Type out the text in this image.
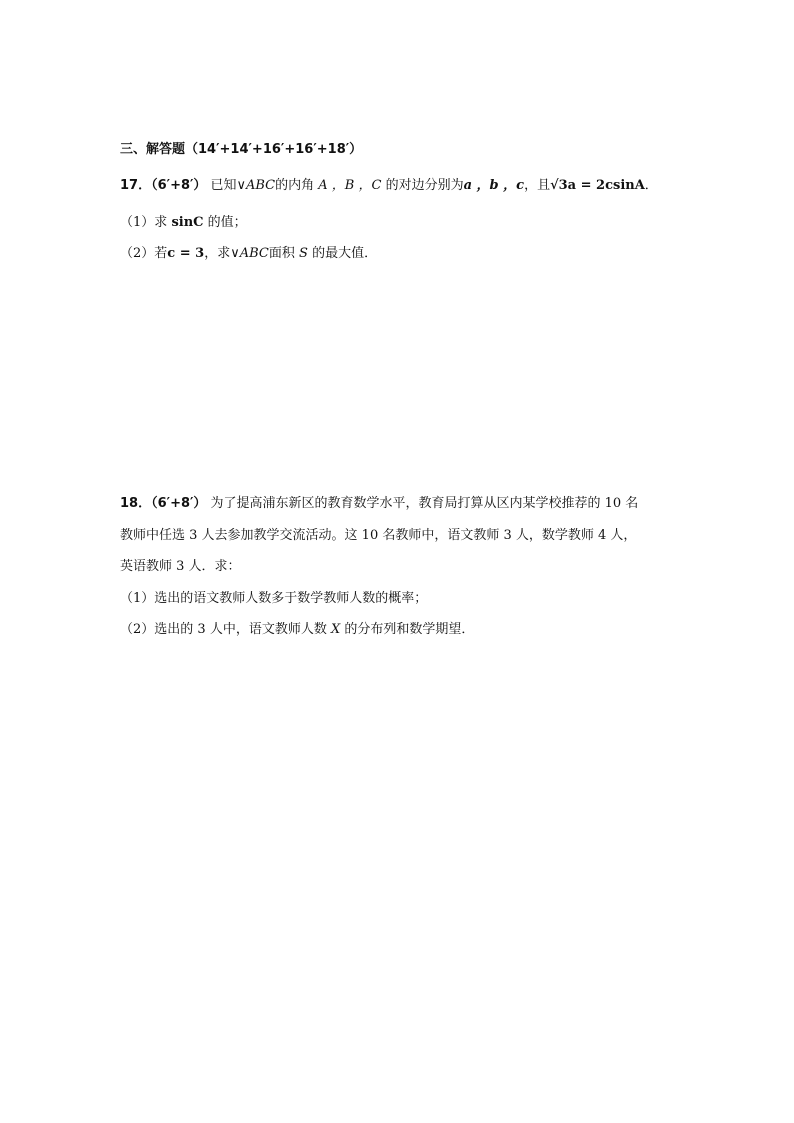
三、解答题（14′+14′+16′+16′+18′）
17．（6′+8′） 已知∨ABC的内角 A ，B ，C 的对边分别为a ，b ，c，且√3a = 2csinA．
（1）求 sinC 的值；
（2）若c = 3，求∨ABC面积 S 的最大值．
18．（6′+8′） 为了提高浦东新区的教育数学水平，教育局打算从区内某学校推荐的 10 名
教师中任选 3 人去参加教学交流活动。这 10 名教师中，语文教师 3 人，数学教师 4 人，
英语教师 3 人．求：
（1）选出的语文教师人数多于数学教师人数的概率；
（2）选出的 3 人中，语文教师人数 X 的分布列和数学期望．
